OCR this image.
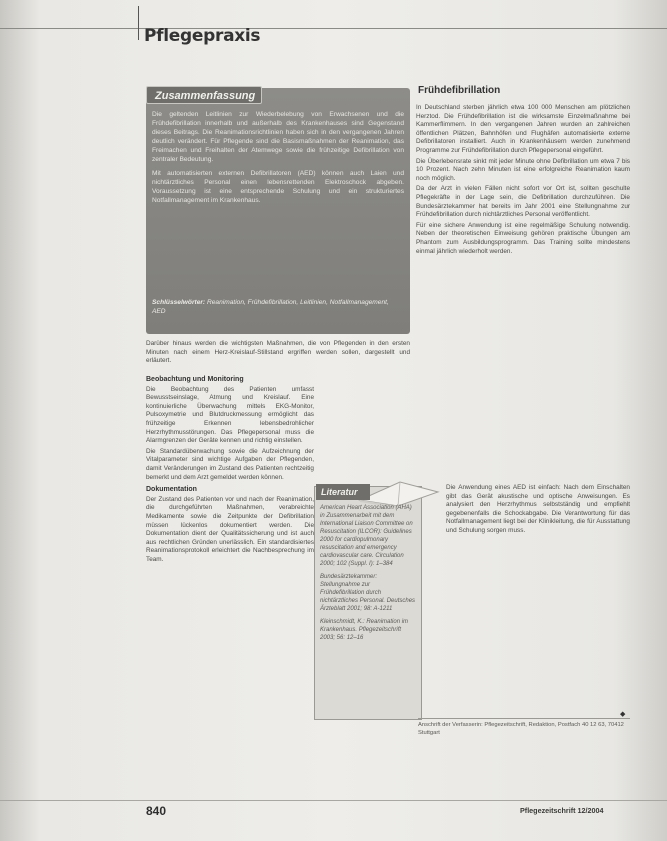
Pflegepraxis
Zusammenfassung

Die geltenden Leitlinien zur Wiederbelebung von Erwachsenen und die Frühdefibrillation innerhalb und außerhalb des Krankenhauses sind Gegenstand dieses Beitrags. Die Reanimationsrichtlinien haben sich in den vergangenen Jahren deutlich verändert. Für Pflegende sind die Basismaßnahmen der Reanimation, das Freimachen und Freihalten der Atemwege sowie die frühzeitige Defibrillation von zentraler Bedeutung.

Mit automatisierten externen Defibrillatoren (AED) können auch Laien und nichtärztliches Personal einen lebensrettenden Elektroschock abgeben. Voraussetzung ist eine entsprechende Schulung und ein strukturiertes Notfallmanagement im Krankenhaus.

Schlüsselwörter: Reanimation, Frühdefibrillation, Leitlinien, Notfallmanagement, AED

Darüber hinaus werden die wichtigsten Maßnahmen, die von Pflegenden in den ersten Minuten nach einem Herz-Kreislauf-Stillstand ergriffen werden sollen, dargestellt und erläutert.

Beobachtung und Monitoring

Die Beobachtung des Patienten umfasst Bewusstseinslage, Atmung und Kreislauf. Eine kontinuierliche Überwachung mittels EKG-Monitor, Pulsoxymetrie und Blutdruckmessung ermöglicht das frühzeitige Erkennen lebensbedrohlicher Herzrhythmusstörungen. Das Pflegepersonal muss die Alarmgrenzen der Geräte kennen und richtig einstellen.

Die Standardüberwachung sowie die Aufzeichnung der Vitalparameter sind wichtige Aufgaben der Pflegenden, damit Veränderungen im Zustand des Patienten rechtzeitig bemerkt und dem Arzt gemeldet werden können.

Dokumentation

Der Zustand des Patienten vor und nach der Reanimation, die durchgeführten Maßnahmen, verabreichte Medikamente sowie die Zeitpunkte der Defibrillation müssen lückenlos dokumentiert werden. Die Dokumentation dient der Qualitätssicherung und ist auch aus rechtlichen Gründen unerlässlich. Ein standardisiertes Reanimationsprotokoll erleichtert die Nachbesprechung im Team.

Frühdefibrillation

In Deutschland sterben jährlich etwa 100 000 Menschen am plötzlichen Herztod. Die Frühdefibrillation ist die wirksamste Einzelmaßnahme bei Kammerflimmern. In den vergangenen Jahren wurden an zahlreichen öffentlichen Plätzen, Bahnhöfen und Flughäfen automatisierte externe Defibrillatoren installiert. Auch in Krankenhäusern werden zunehmend Programme zur Frühdefibrillation durch Pflegepersonal eingeführt.

Die Überlebensrate sinkt mit jeder Minute ohne Defibrillation um etwa 7 bis 10 Prozent. Nach zehn Minuten ist eine erfolgreiche Reanimation kaum noch möglich.

Da der Arzt in vielen Fällen nicht sofort vor Ort ist, sollten geschulte Pflegekräfte in der Lage sein, die Defibrillation durchzuführen. Die Bundesärztekammer hat bereits im Jahr 2001 eine Stellungnahme zur Frühdefibrillation durch nichtärztliches Personal veröffentlicht.

Für eine sichere Anwendung ist eine regelmäßige Schulung notwendig. Neben der theoretischen Einweisung gehören praktische Übungen am Phantom zum Ausbildungsprogramm. Das Training sollte mindestens einmal jährlich wiederholt werden.

Die Anwendung eines AED ist einfach: Nach dem Einschalten gibt das Gerät akustische und optische Anweisungen. Es analysiert den Herzrhythmus selbstständig und empfiehlt gegebenenfalls die Schockabgabe. Die Verantwortung für das Notfallmanagement liegt bei der Klinikleitung, die für Ausstattung und Schulung sorgen muss.

Literatur

American Heart Association (AHA) in Zusammenarbeit mit dem International Liaison Committee on Resuscitation (ILCOR): Guidelines 2000 for cardiopulmonary resuscitation and emergency cardiovascular care. Circulation 2000; 102 (Suppl. I): 1–384

Bundesärztekammer: Stellungnahme zur Frühdefibrillation durch nichtärztliches Personal. Deutsches Ärzteblatt 2001; 98: A-1211

Kleinschmidt, K.: Reanimation im Krankenhaus. Pflegezeitschrift 2003; 56: 12–16

◆
Anschrift der Verfasserin: Pflegezeitschrift, Redaktion, Postfach 40 12 63, 70412 Stuttgart
840	Pflegezeitschrift 12/2004
